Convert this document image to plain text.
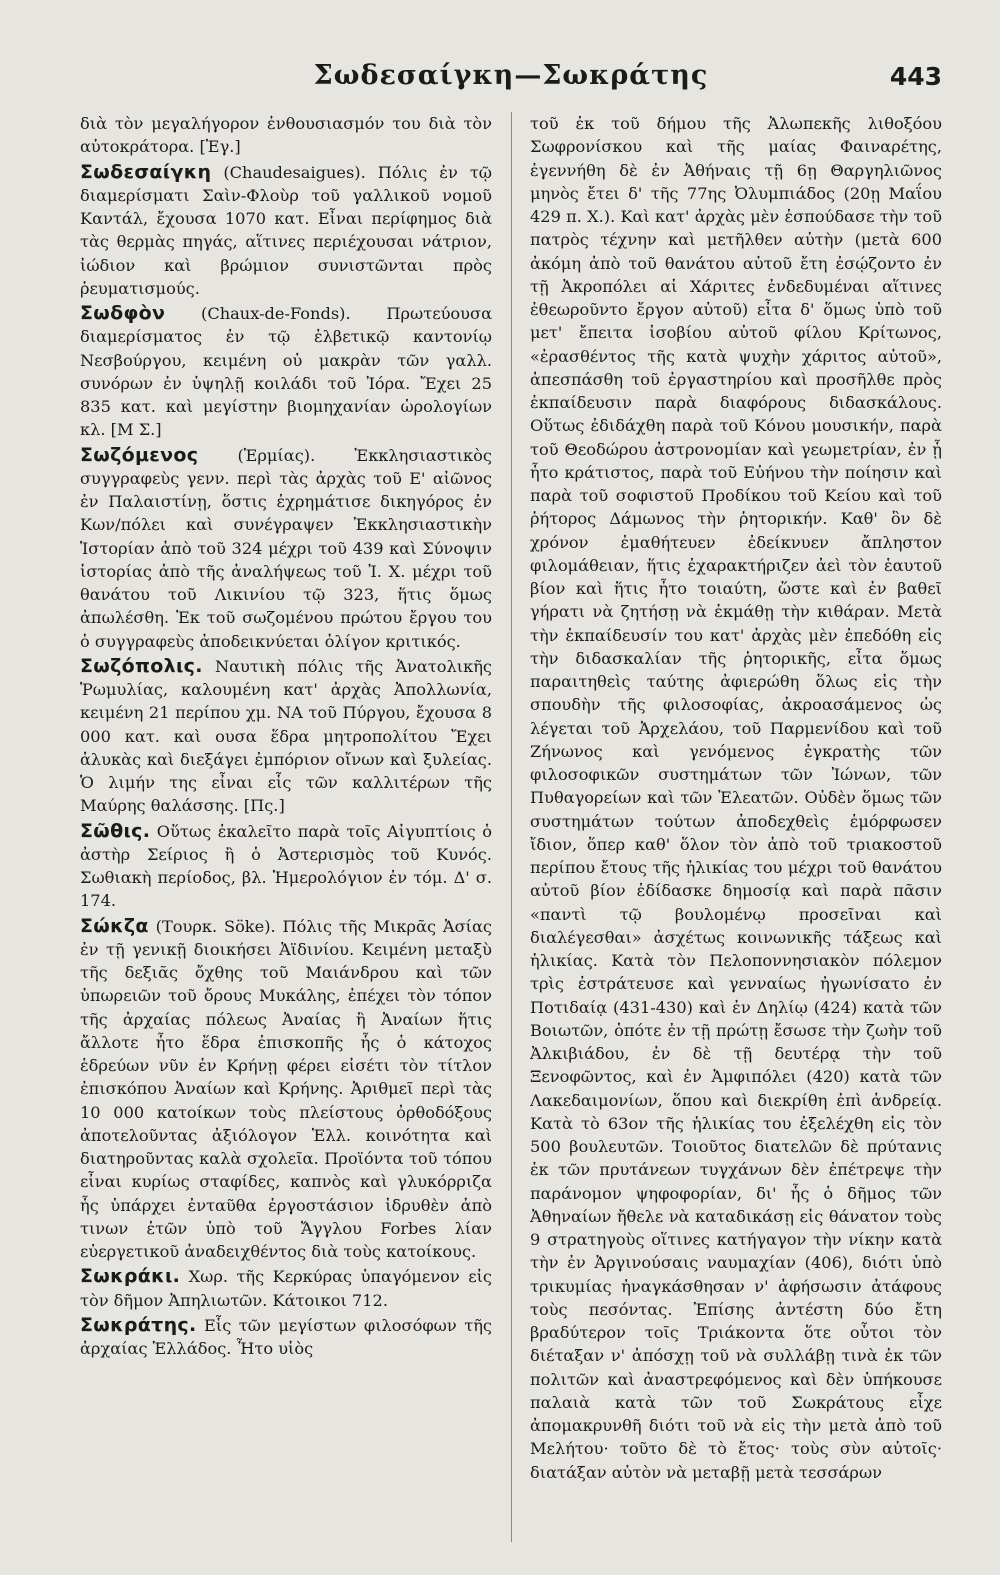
Σωδεσαίγκη—Σωκράτης	443

διὰ τὸν μεγαλήγορον ἐνθουσιασμόν του διὰ τὸν αὐτοκράτορα. [Ἐγ.]

Σωδεσαίγκη (Chaudesaigues). Πόλις ἐν τῷ διαμερίσματι Σαὶν-Φλοὺρ τοῦ γαλλικοῦ νομοῦ Καντάλ, ἔχουσα 1070 κατ. Εἶναι περίφημος διὰ τὰς θερμὰς πηγάς, αἵτινες περιέχουσαι νάτριον, ἰώδιον καὶ βρώμιον συνιστῶνται πρὸς ῥευματισμούς.

Σωδφὸν (Chaux-de-Fonds). Πρωτεύουσα διαμερίσματος ἐν τῷ ἑλβετικῷ καντονίῳ Νεσβούργου, κειμένη οὐ μακρὰν τῶν γαλλ. συνόρων ἐν ὑψηλῇ κοιλάδι τοῦ Ἰόρα. Ἔχει 25 835 κατ. καὶ μεγίστην βιομηχανίαν ὡρολογίων κλ. [Μ Σ.]

Σωζόμενος (Ἑρμίας). Ἐκκλησιαστικὸς συγγραφεὺς γενν. περὶ τὰς ἀρχὰς τοῦ Ε' αἰῶνος ἐν Παλαιστίνῃ, ὅστις ἐχρημάτισε δικηγόρος ἐν Κων/πόλει καὶ συνέγραψεν Ἐκκλησιαστικὴν Ἱστορίαν ἀπὸ τοῦ 324 μέχρι τοῦ 439 καὶ Σύνοψιν ἱστορίας ἀπὸ τῆς ἀναλήψεως τοῦ Ἰ. Χ. μέχρι τοῦ θανάτου τοῦ Λικινίου τῷ 323, ἥτις ὅμως ἀπωλέσθη. Ἐκ τοῦ σωζομένου πρώτου ἔργου του ὁ συγγραφεὺς ἀποδεικνύεται ὀλίγον κριτικός.

Σωζόπολις. Ναυτικὴ πόλις τῆς Ἀνατολικῆς Ῥωμυλίας, καλουμένη κατ' ἀρχὰς Ἀπολλωνία, κειμένη 21 περίπου χμ. ΝΑ τοῦ Πύργου, ἔχουσα 8 000 κατ. καὶ ουσα ἕδρα μητροπολίτου Ἔχει ἁλυκὰς καὶ διεξάγει ἐμπόριον οἴνων καὶ ξυλείας. Ὁ λιμήν της εἶναι εἷς τῶν καλλιτέρων τῆς Μαύρης θαλάσσης. [Πς.]

Σῶθις. Οὕτως ἐκαλεῖτο παρὰ τοῖς Αἰγυπτίοις ὁ ἀστὴρ Σείριος ἢ ὁ Ἀστερισμὸς τοῦ Κυνός. Σωθιακὴ περίοδος, βλ. Ἡμερολόγιον ἐν τόμ. Δ' σ. 174.

Σώκζα (Τουρκ. Söke). Πόλις τῆς Μικρᾶς Ἀσίας ἐν τῇ γενικῇ διοικήσει Ἀϊδινίου. Κειμένη μεταξὺ τῆς δεξιᾶς ὄχθης τοῦ Μαιάνδρου καὶ τῶν ὑπωρειῶν τοῦ ὄρους Μυκάλης, ἐπέχει τὸν τόπον τῆς ἀρχαίας πόλεως Ἀναίας ἢ Ἀναίων ἥτις ἄλλοτε ἦτο ἕδρα ἐπισκοπῆς ἧς ὁ κάτοχος ἑδρεύων νῦν ἐν Κρήνῃ φέρει εἰσέτι τὸν τίτλον ἐπισκόπου Ἀναίων καὶ Κρήνης. Ἀριθμεῖ περὶ τὰς 10 000 κατοίκων τοὺς πλείστους ὀρθοδόξους ἀποτελοῦντας ἀξιόλογον Ἑλλ. κοινότητα καὶ διατηροῦντας καλὰ σχολεῖα. Προϊόντα τοῦ τόπου εἶναι κυρίως σταφίδες, καπνὸς καὶ γλυκόρριζα ἧς ὑπάρχει ἐνταῦθα ἐργοστάσιον ἱδρυθὲν ἀπὸ τινων ἐτῶν ὑπὸ τοῦ Ἄγγλου Forbes λίαν εὐεργετικοῦ ἀναδειχθέντος διὰ τοὺς κατοίκους.

Σωκράκι. Χωρ. τῆς Κερκύρας ὑπαγόμενον εἰς τὸν δῆμον Ἀπηλιωτῶν. Κάτοικοι 712.

Σωκράτης. Εἷς τῶν μεγίστων φιλοσόφων τῆς ἀρχαίας Ἑλλάδος. Ἦτο υἱὸς

τοῦ ἐκ τοῦ δήμου τῆς Ἀλωπεκῆς λιθοξόου Σωφρονίσκου καὶ τῆς μαίας Φαιναρέτης, ἐγεννήθη δὲ ἐν Ἀθήναις τῇ 6ῃ Θαργηλιῶνος μηνὸς ἔτει δ' τῆς 77ης Ὀλυμπιάδος (20ῃ Μαΐου 429 π. Χ.). Καὶ κατ' ἀρχὰς μὲν ἐσπούδασε τὴν τοῦ πατρὸς τέχνην καὶ μετῆλθεν αὐτὴν (μετὰ 600 ἀκόμη ἀπὸ τοῦ θανάτου αὐτοῦ ἔτη ἐσῴζοντο ἐν τῇ Ἀκροπόλει αἱ Χάριτες ἐνδεδυμέναι αἵτινες ἐθεωροῦντο ἔργον αὐτοῦ) εἶτα δ' ὅμως ὑπὸ τοῦ μετ' ἔπειτα ἰσοβίου αὐτοῦ φίλου Κρίτωνος, «ἐρασθέντος τῆς κατὰ ψυχὴν χάριτος αὐτοῦ», ἀπεσπάσθη τοῦ ἐργαστηρίου καὶ προσῆλθε πρὸς ἐκπαίδευσιν παρὰ διαφόρους διδασκάλους. Οὕτως ἐδιδάχθη παρὰ τοῦ Κόνου μουσικήν, παρὰ τοῦ Θεοδώρου ἀστρονομίαν καὶ γεωμετρίαν, ἐν ᾗ ἦτο κράτιστος, παρὰ τοῦ Εὐήνου τὴν ποίησιν καὶ παρὰ τοῦ σοφιστοῦ Προδίκου τοῦ Κείου καὶ τοῦ ῥήτορος Δάμωνος τὴν ῥητορικήν. Καθ' ὃν δὲ χρόνον ἐμαθήτευεν ἐδείκνυεν ἄπληστον φιλομάθειαν, ἥτις ἐχαρακτήριζεν ἀεὶ τὸν ἑαυτοῦ βίον καὶ ἥτις ἦτο τοιαύτη, ὥστε καὶ ἐν βαθεῖ γήρατι νὰ ζητήσῃ νὰ ἐκμάθῃ τὴν κιθάραν. Μετὰ τὴν ἐκπαίδευσίν του κατ' ἀρχὰς μὲν ἐπεδόθη εἰς τὴν διδασκαλίαν τῆς ῥητορικῆς, εἶτα ὅμως παραιτηθεὶς ταύτης ἀφιερώθη ὅλως εἰς τὴν σπουδὴν τῆς φιλοσοφίας, ἀκροασάμενος ὡς λέγεται τοῦ Ἀρχελάου, τοῦ Παρμενίδου καὶ τοῦ Ζήνωνος καὶ γενόμενος ἐγκρατὴς τῶν φιλοσοφικῶν συστημάτων τῶν Ἰώνων, τῶν Πυθαγορείων καὶ τῶν Ἐλεατῶν. Οὐδὲν ὅμως τῶν συστημάτων τούτων ἀποδεχθεὶς ἐμόρφωσεν ἴδιον, ὅπερ καθ' ὅλον τὸν ἀπὸ τοῦ τριακοστοῦ περίπου ἔτους τῆς ἡλικίας του μέχρι τοῦ θανάτου αὐτοῦ βίον ἐδίδασκε δημοσίᾳ καὶ παρὰ πᾶσιν «παντὶ τῷ βουλομένῳ προσεῖναι καὶ διαλέγεσθαι» ἀσχέτως κοινωνικῆς τάξεως καὶ ἡλικίας. Κατὰ τὸν Πελοποννησιακὸν πόλεμον τρὶς ἐστράτευσε καὶ γενναίως ἠγωνίσατο ἐν Ποτιδαίᾳ (431-430) καὶ ἐν Δηλίῳ (424) κατὰ τῶν Βοιωτῶν, ὁπότε ἐν τῇ πρώτῃ ἔσωσε τὴν ζωὴν τοῦ Ἀλκιβιάδου, ἐν δὲ τῇ δευτέρᾳ τὴν τοῦ Ξενοφῶντος, καὶ ἐν Ἀμφιπόλει (420) κατὰ τῶν Λακεδαιμονίων, ὅπου καὶ διεκρίθη ἐπὶ ἀνδρείᾳ. Κατὰ τὸ 63ον τῆς ἡλικίας του ἐξελέχθη εἰς τὸν 500 βουλευτῶν. Τοιοῦτος διατελῶν δὲ πρύτανις ἐκ τῶν πρυτάνεων τυγχάνων δὲν ἐπέτρεψε τὴν παράνομον ψηφοφορίαν, δι' ἧς ὁ δῆμος τῶν Ἀθηναίων ἤθελε νὰ καταδικάσῃ εἰς θάνατον τοὺς 9 στρατηγοὺς οἵτινες κατήγαγον τὴν νίκην κατὰ τὴν ἐν Ἀργινούσαις ναυμαχίαν (406), διότι ὑπὸ τρικυμίας ἠναγκάσθησαν ν' ἀφήσωσιν ἀτάφους τοὺς πεσόντας. Ἐπίσης ἀντέστη δύο ἔτη βραδύτερον τοῖς Τριάκοντα ὅτε οὗτοι τὸν διέταξαν ν' ἀπόσχῃ τοῦ νὰ συλλάβῃ τινὰ ἐκ τῶν πολιτῶν καὶ ἀναστρεφόμενος καὶ δὲν ὑπήκουσε παλαιὰ κατὰ τῶν τοῦ Σωκράτους εἶχε ἀπομακρυνθῆ διότι τοῦ νὰ εἰς τὴν μετὰ ἀπὸ τοῦ Μελήτου· τοῦτο δὲ τὸ ἔτος· τοὺς σὺν αὐτοῖς· διατάξαν αὐτὸν νὰ μεταβῇ μετὰ τεσσάρων
